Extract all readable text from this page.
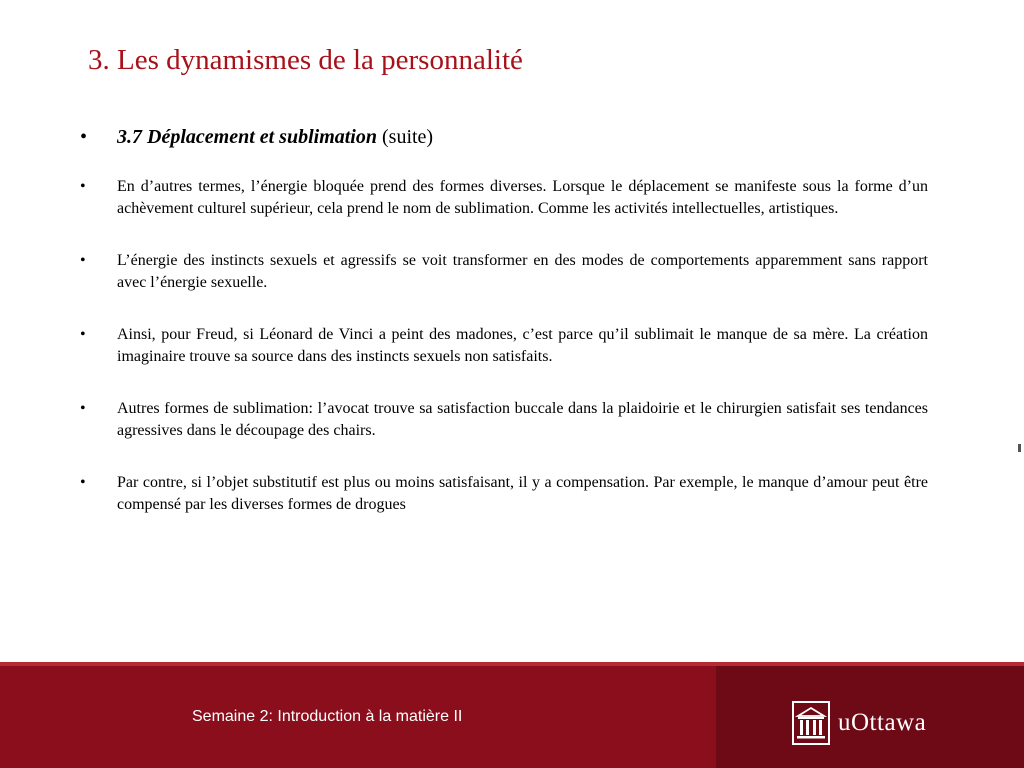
3. Les dynamismes de la personnalité
• 3.7 Déplacement et sublimation (suite)
• En d’autres termes, l’énergie bloquée prend des formes diverses. Lorsque le déplacement se manifeste sous la forme d’un achèvement culturel supérieur, cela prend le nom de sublimation. Comme les activités intellectuelles, artistiques.
• L’énergie des instincts sexuels et agressifs se voit transformer en des modes de comportements apparemment sans rapport avec l’énergie sexuelle.
• Ainsi, pour Freud, si Léonard de Vinci a peint des madones, c’est parce qu’il sublimait le manque de sa mère. La création imaginaire trouve sa source dans des instincts sexuels non satisfaits.
• Autres formes de sublimation: l’avocat trouve sa satisfaction buccale dans la plaidoirie et le chirurgien satisfait ses tendances agressives dans le découpage des chairs.
• Par contre, si l’objet substitutif est plus ou moins satisfaisant, il y a compensation. Par exemple, le manque d’amour peut être compensé par les diverses formes de drogues
Semaine 2: Introduction à la matière II	uOttawa
